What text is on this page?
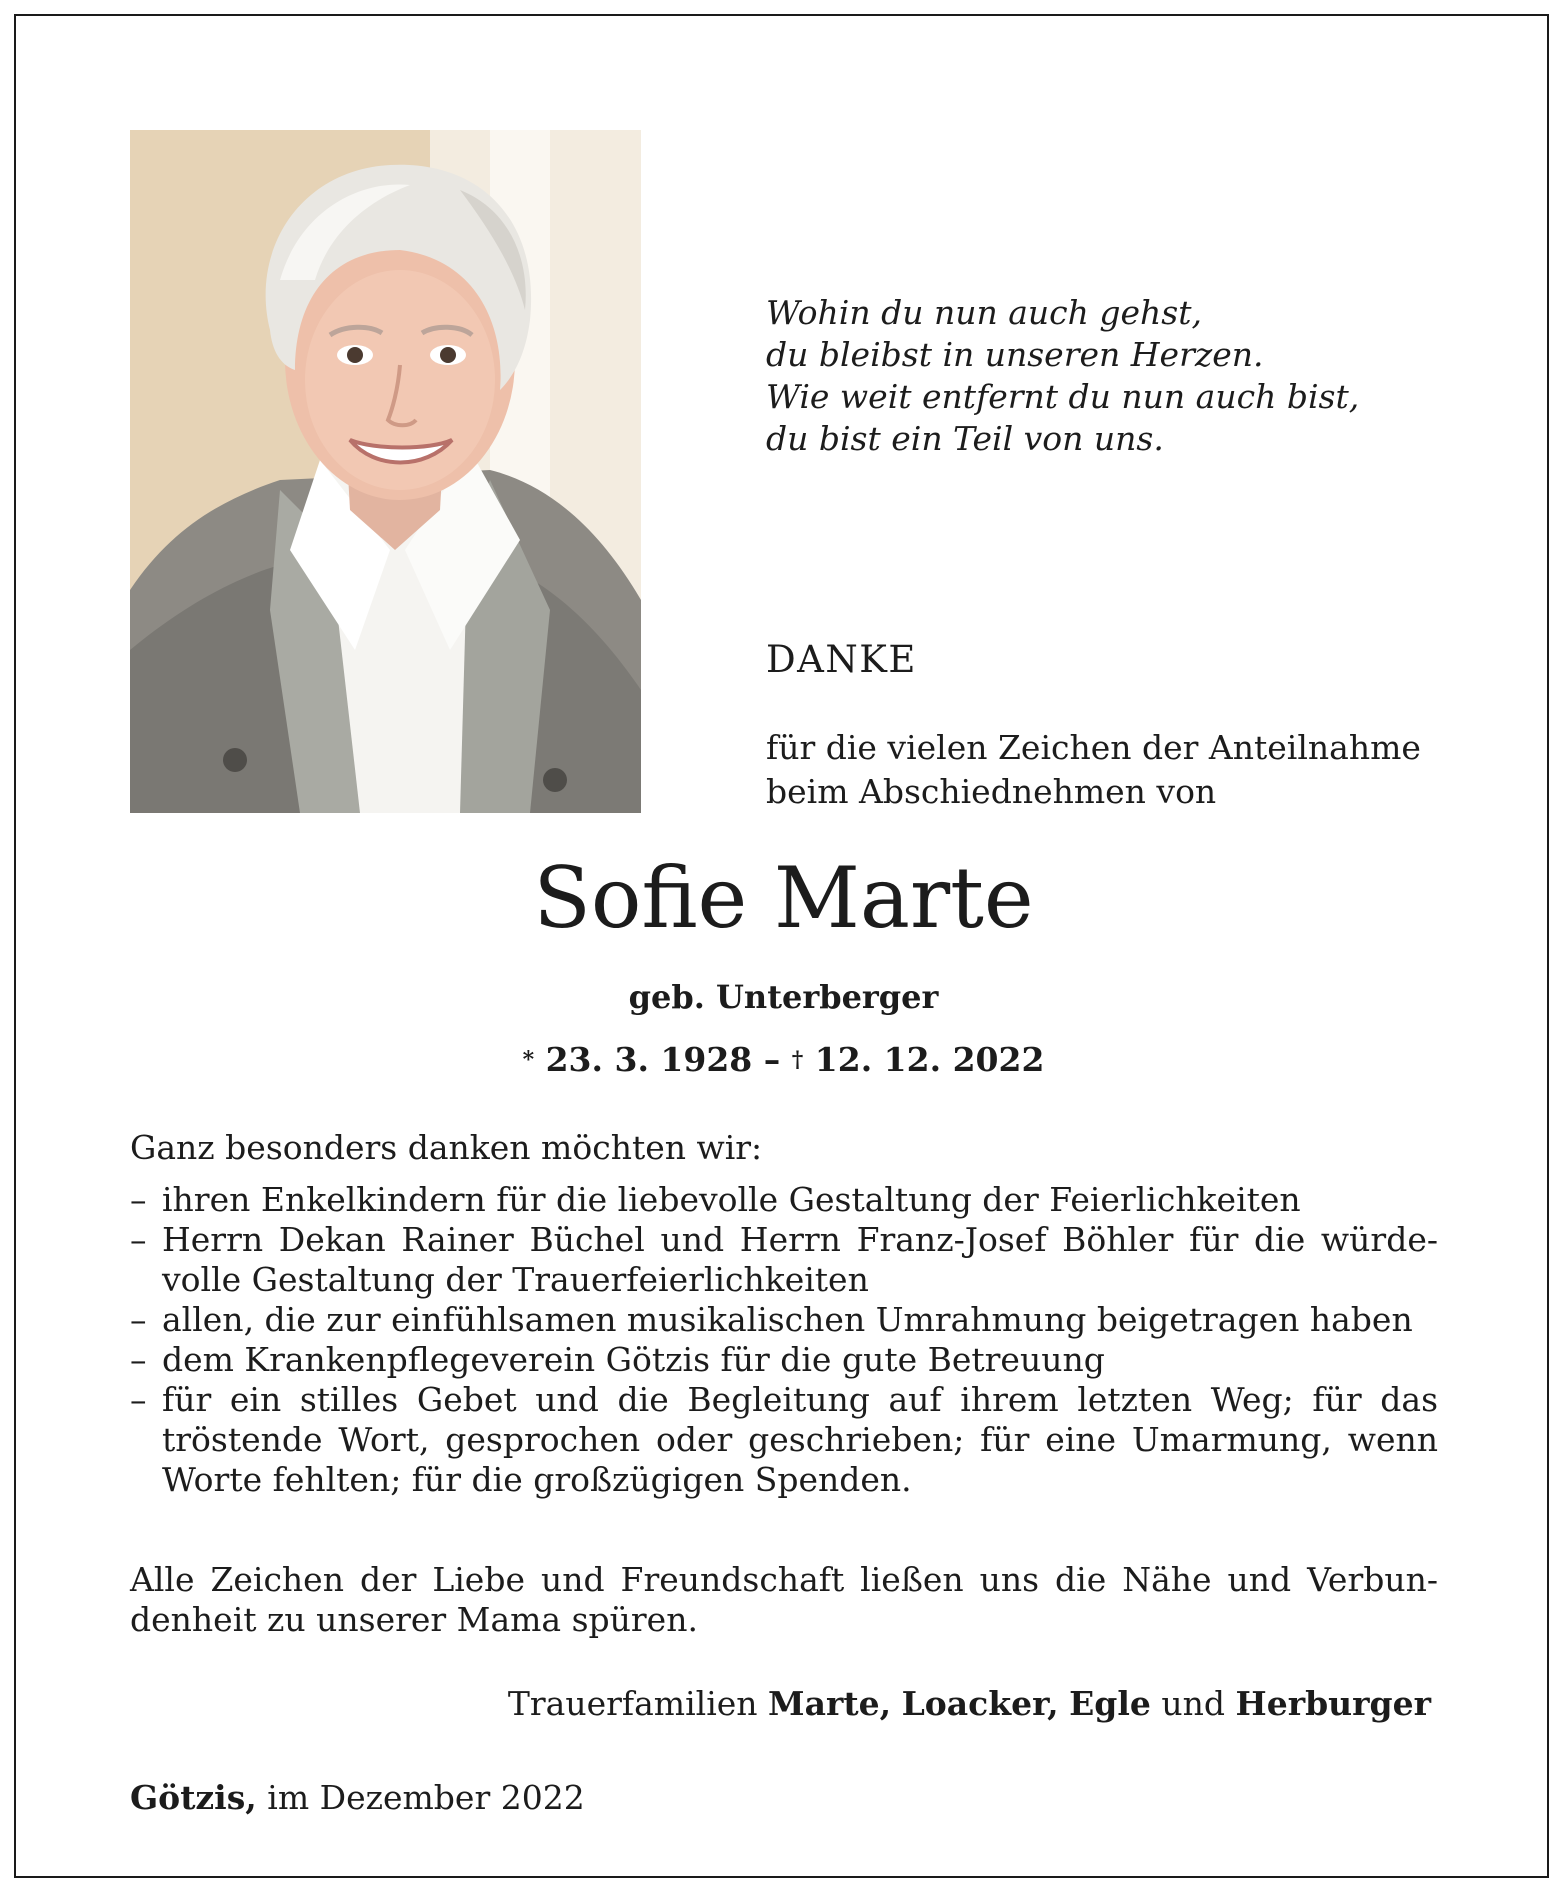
Wohin du nun auch gehst,
du bleibst in unseren Herzen.
Wie weit entfernt du nun auch bist,
du bist ein Teil von uns.
DANKE
für die vielen Zeichen der Anteilnahme
beim Abschiednehmen von
Sofie Marte
geb. Unterberger
* 23. 3. 1928 – † 12. 12. 2022
Ganz besonders danken möchten wir:
– ihren Enkelkindern für die liebevolle Gestaltung der Feierlichkeiten
– Herrn Dekan Rainer Büchel und Herrn Franz-Josef Böhler für die würde-volle Gestaltung der Trauerfeierlichkeiten
– allen, die zur einfühlsamen musikalischen Umrahmung beigetragen haben
– dem Krankenpflegeverein Götzis für die gute Betreuung
– für ein stilles Gebet und die Begleitung auf ihrem letzten Weg; für das tröstende Wort, gesprochen oder geschrieben; für eine Umarmung, wenn Worte fehlten; für die großzügigen Spenden.
Alle Zeichen der Liebe und Freundschaft ließen uns die Nähe und Verbun-denheit zu unserer Mama spüren.
Trauerfamilien Marte, Loacker, Egle und Herburger
Götzis, im Dezember 2022
